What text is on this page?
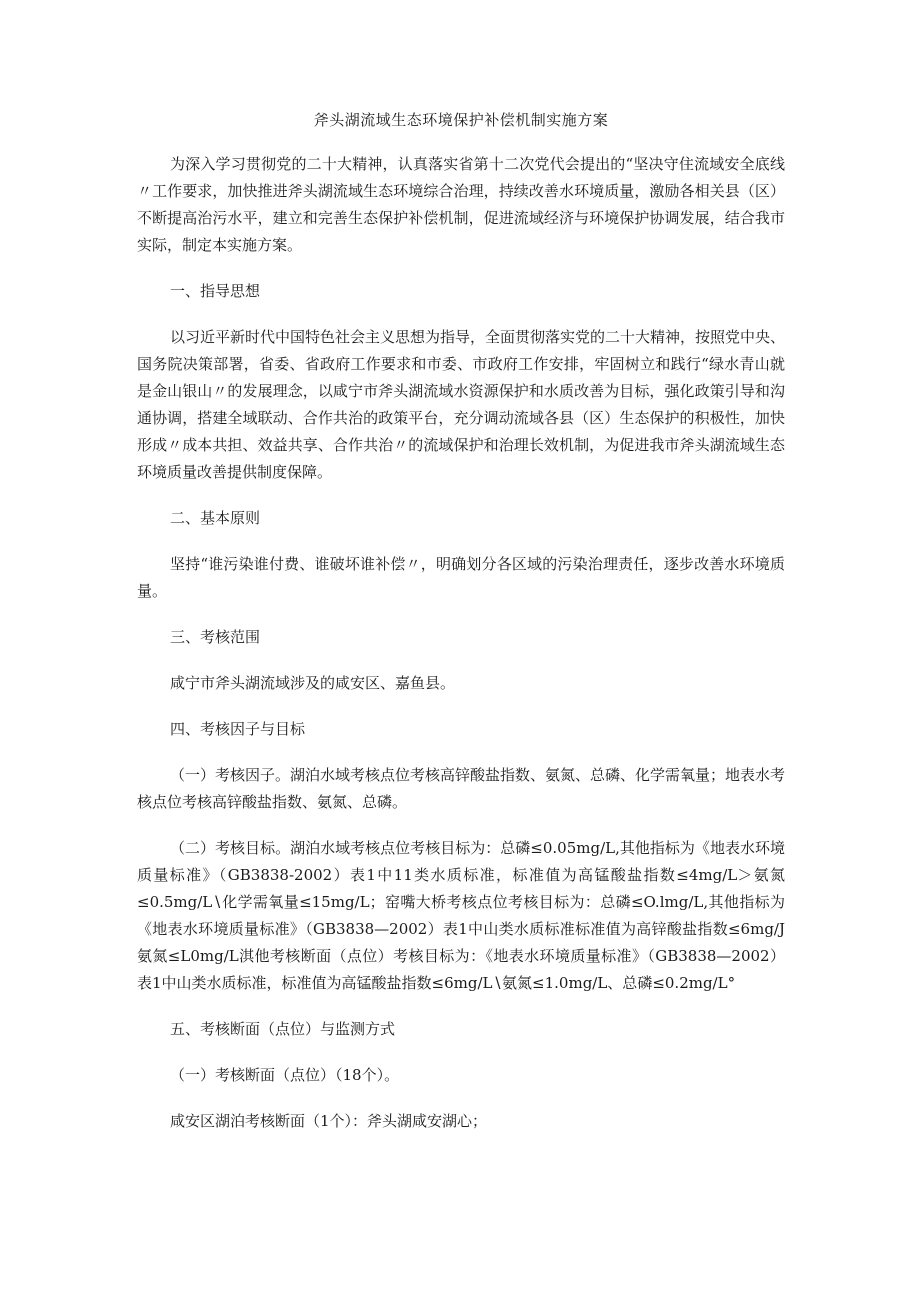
斧头湖流域生态环境保护补偿机制实施方案

为深入学习贯彻党的二十大精神，认真落实省第十二次党代会提出的“坚决守住流域安全底线〃工作要求，加快推进斧头湖流域生态环境综合治理，持续改善水环境质量，激励各相关县（区）不断提高治污水平，建立和完善生态保护补偿机制，促进流域经济与环境保护协调发展，结合我市实际，制定本实施方案。

一、指导思想

以习近平新时代中国特色社会主义思想为指导，全面贯彻落实党的二十大精神，按照党中央、国务院决策部署，省委、省政府工作要求和市委、市政府工作安排，牢固树立和践行“绿水青山就是金山银山〃的发展理念，以咸宁市斧头湖流域水资源保护和水质改善为目标，强化政策引导和沟通协调，搭建全域联动、合作共治的政策平台，充分调动流域各县（区）生态保护的积极性，加快形成〃成本共担、效益共享、合作共治〃的流域保护和治理长效机制，为促进我市斧头湖流域生态环境质量改善提供制度保障。

二、基本原则

坚持“谁污染谁付费、谁破坏谁补偿〃，明确划分各区域的污染治理责任，逐步改善水环境质量。

三、考核范围

咸宁市斧头湖流域涉及的咸安区、嘉鱼县。

四、考核因子与目标

（一）考核因子。湖泊水域考核点位考核高锌酸盐指数、氨氮、总磷、化学需氧量；地表水考核点位考核高锌酸盐指数、氨氮、总磷。

（二）考核目标。湖泊水域考核点位考核目标为：总磷≤0.05mg∕L,其他指标为《地表水环境质量标准》（GB3838-2002）表1中11类水质标准，标准值为高锰酸盐指数≤4mg∕L＞氨氮≤0.5mg∕L∖化学需氧量≤15mg∕L；窑嘴大桥考核点位考核目标为：总磷≤O.lmg∕L,其他指标为《地表水环境质量标准》（GB3838—2002）表1中山类水质标准标准值为高锌酸盐指数≤6mg∕J氨氮≤L0mg∕L淇他考核断面（点位）考核目标为：《地表水环境质量标准》（GB3838—2002）表1中山类水质标准，标准值为高锰酸盐指数≤6mg∕L∖氨氮≤1.0mg∕L、总磷≤0.2mg∕L°

五、考核断面（点位）与监测方式

（一）考核断面（点位）（18个）。

咸安区湖泊考核断面（1个）：斧头湖咸安湖心；
